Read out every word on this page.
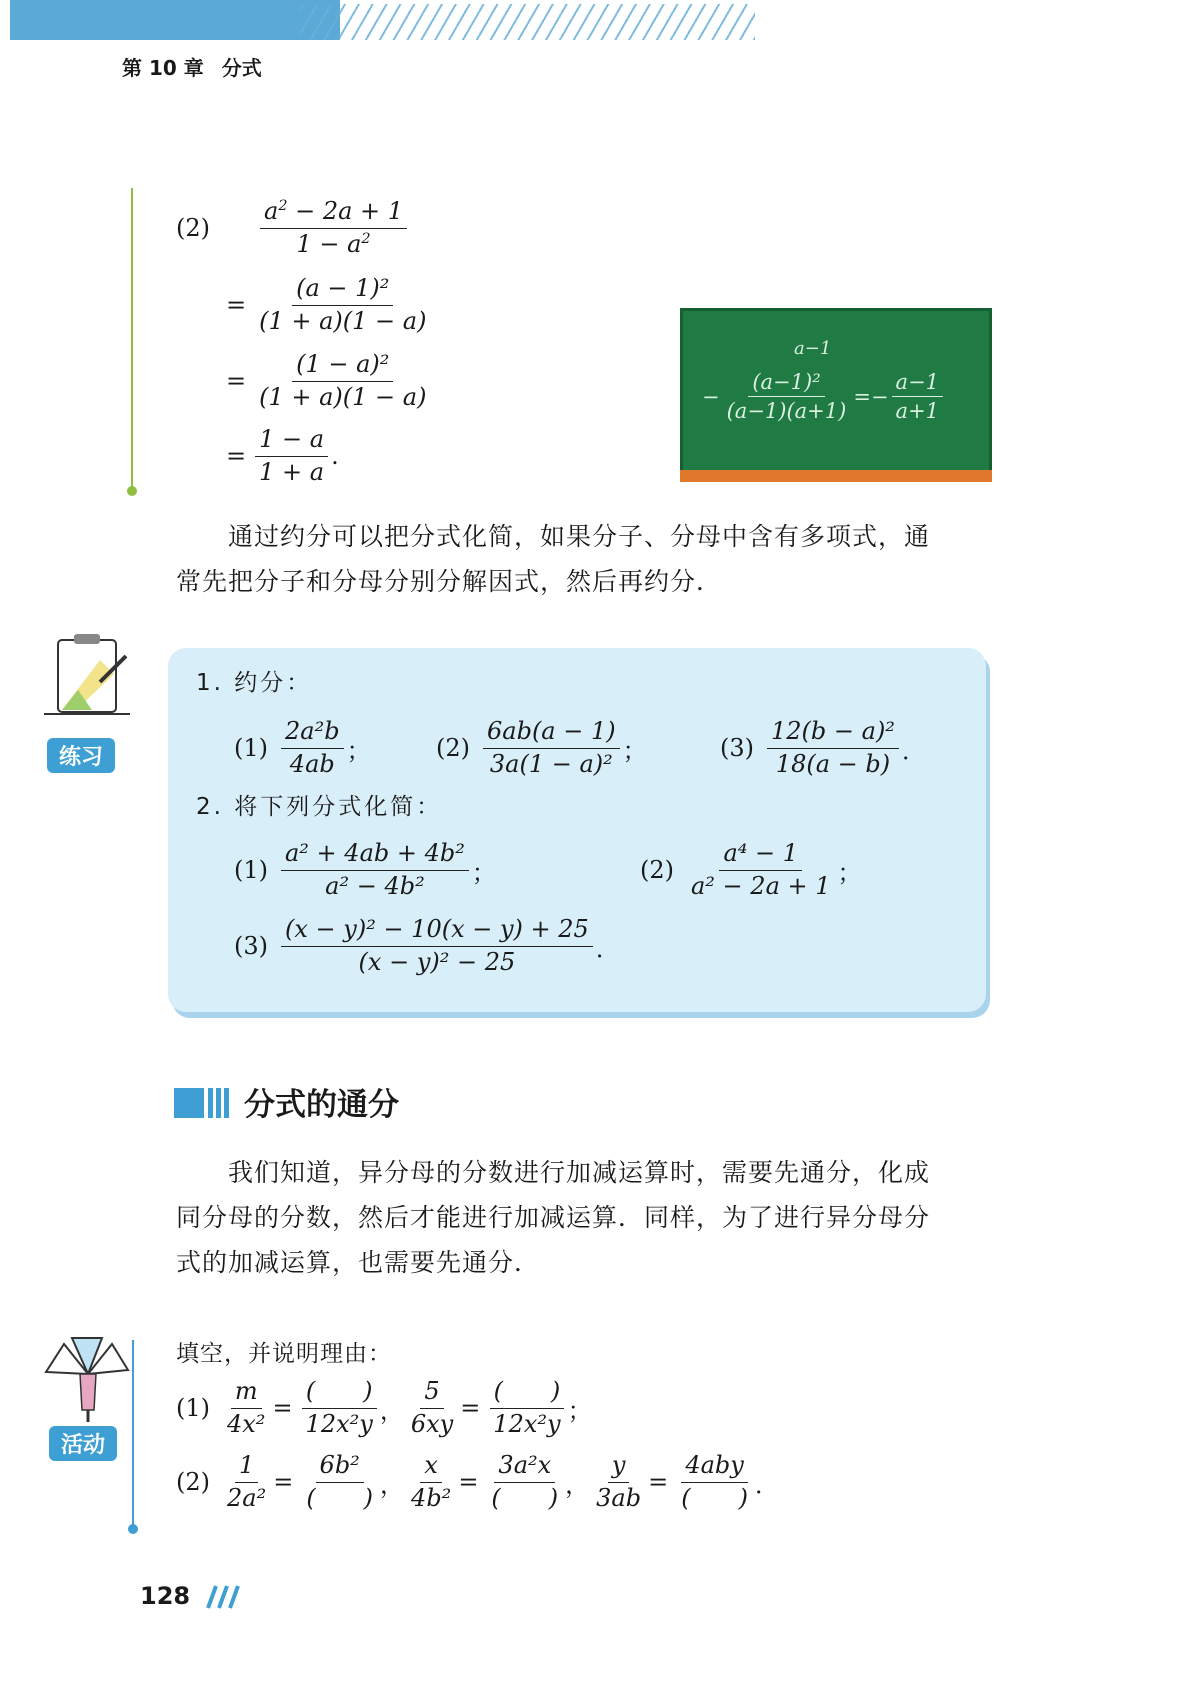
第 10 章 分式
$(2) \frac{a^2 - 2a + 1}{1 - a^2}$
= $\frac{\text{(a − 1)²}}{(1 + a)(1 - a)}$
= $\frac{\text{(1 − a)²}}{(1 + a)(1 - a)}$
= $\frac{1 - a}{1 + a}$ .
a−1
− $\frac{\text{(a−1)²}}{(a-1)(a+1)} =- \frac{a-1}{a+1}$
通过约分可以把分式化简，如果分子、分母中含有多项式，通
常先把分子和分母分别分解因式，然后再约分．
练习
1. 约分：
$(1) \frac{\text{2a²b}}{4ab}$ ；	$(2) \frac{6ab(a - 1)}{\text{3a(1 − a)²}}$ ；	$(3) \frac{\text{12(b − a)²}}{18(a - b)}$ ．
2. 将下列分式化简：
$(1) \frac{\text{a² + 4ab + 4b²}}{\text{a² − 4b²}}$ ；	$(2) \frac{\text{a⁴ − 1}}{\text{a² − 2a + 1}}$ ；
$(3) \frac{\text{(x − y)² − 10(x − y) + 25}}{\text{(x − y)² − 25}}$ ．
分式的通分
我们知道，异分母的分数进行加减运算时，需要先通分，化成
同分母的分数，然后才能进行加减运算．同样，为了进行异分母分
式的加减运算，也需要先通分．
活动
填空，并说明理由：
$(1) \frac{m}{\text{4x²}} = \frac{( )}{\text{12x²y}}$ ， $\frac{5}{6xy} = \frac{( )}{\text{12x²y}}$ ；
$(2) \frac{1}{\text{2a²}} = \frac{\text{6b²}}{( )}$ ， $\frac{x}{\text{4b²}} = \frac{\text{3a²x}}{( )}$ ， $\frac{y}{3ab} = \frac{\text{4aby}}{( )}$ ．
128
